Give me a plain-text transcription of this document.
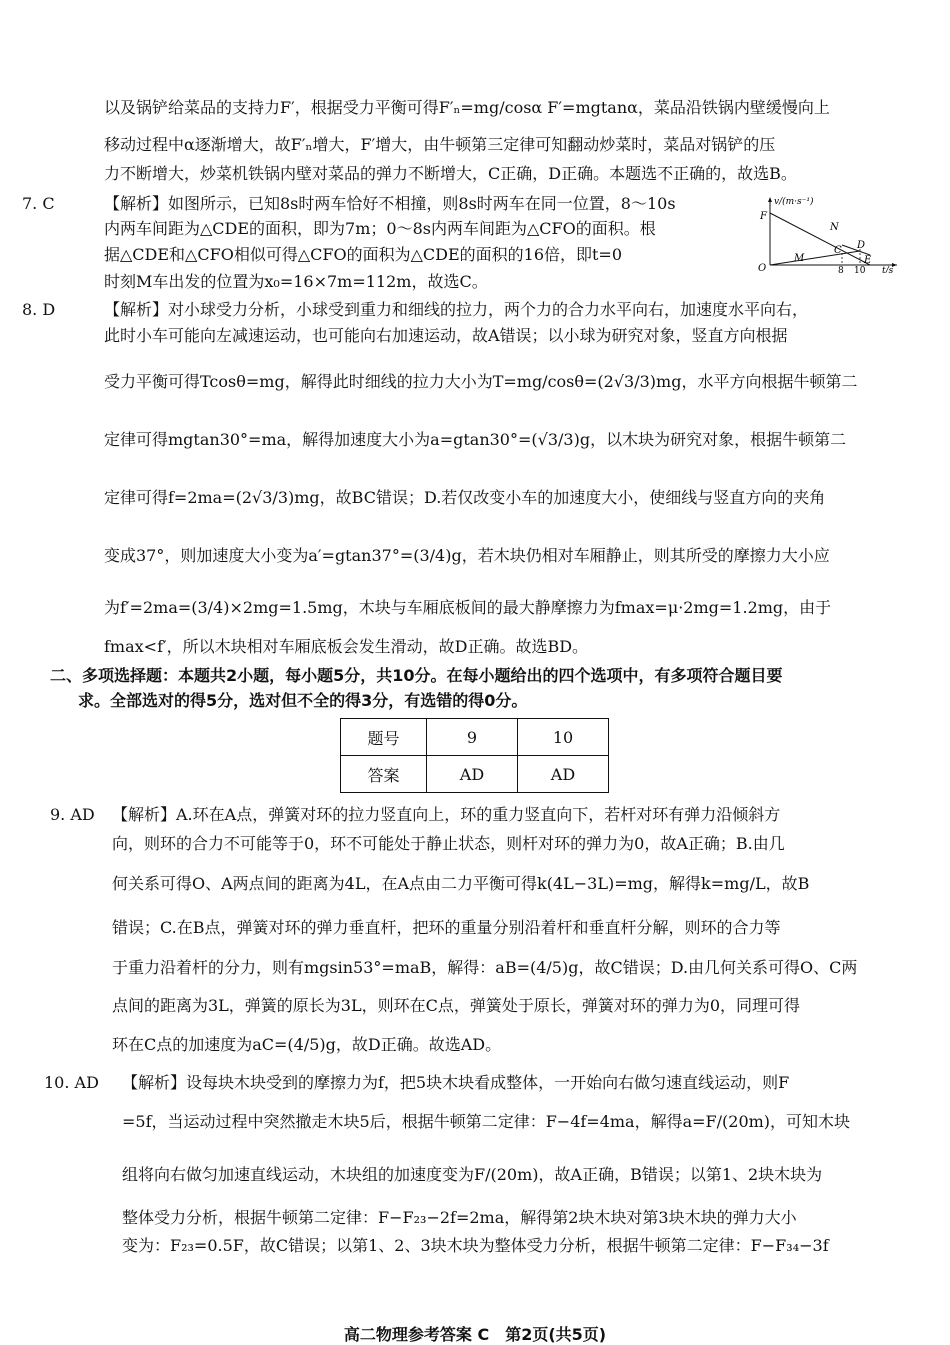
7. C
8. D
9. AD
10. AD
以及锅铲给菜品的支持力F′，根据受力平衡可得F′ₙ=mg/cosα F′=mgtanα，菜品沿铁锅内壁缓慢向上
移动过程中α逐渐增大，故F′ₙ增大，F′增大，由牛顿第三定律可知翻动炒菜时，菜品对锅铲的压
力不断增大，炒菜机铁锅内壁对菜品的弹力不断增大，C正确，D正确。本题选不正确的，故选B。
【解析】如图所示，已知8s时两车恰好不相撞，则8s时两车在同一位置，8～10s
内两车间距为△CDE的面积，即为7m；0～8s内两车间距为△CFO的面积。根
据△CDE和△CFO相似可得△CFO的面积为△CDE的面积的16倍，即t=0
时刻M车出发的位置为x₀=16×7m=112m，故选C。
【解析】对小球受力分析，小球受到重力和细线的拉力，两个力的合力水平向右，加速度水平向右，
此时小车可能向左减速运动，也可能向右加速运动，故A错误；以小球为研究对象，竖直方向根据
受力平衡可得Tcosθ=mg，解得此时细线的拉力大小为T=mg/cosθ=(2√3/3)mg，水平方向根据牛顿第二
定律可得mgtan30°=ma，解得加速度大小为a=gtan30°=(√3/3)g，以木块为研究对象，根据牛顿第二
定律可得f=2ma=(2√3/3)mg，故BC错误；D.若仅改变小车的加速度大小，使细线与竖直方向的夹角
变成37°，则加速度大小变为a′=gtan37°=(3/4)g，若木块仍相对车厢静止，则其所受的摩擦力大小应
为f′=2ma=(3/4)×2mg=1.5mg，木块与车厢底板间的最大静摩擦力为fmax=μ·2mg=1.2mg，由于
fmax<f′，所以木块相对车厢底板会发生滑动，故D正确。故选BD。
二、多项选择题：本题共2小题，每小题5分，共10分。在每小题给出的四个选项中，有多项符合题目要
求。全部选对的得5分，选对但不全的得3分，有选错的得0分。
题号	9	10
答案	AD	AD
【解析】A.环在A点，弹簧对环的拉力竖直向上，环的重力竖直向下，若杆对环有弹力沿倾斜方
向，则环的合力不可能等于0，环不可能处于静止状态，则杆对环的弹力为0，故A正确；B.由几
何关系可得O、A两点间的距离为4L，在A点由二力平衡可得k(4L−3L)=mg，解得k=mg/L，故B
错误；C.在B点，弹簧对环的弹力垂直杆，把环的重量分别沿着杆和垂直杆分解，则环的合力等
于重力沿着杆的分力，则有mgsin53°=maB，解得：aB=(4/5)g，故C错误；D.由几何关系可得O、C两
点间的距离为3L，弹簧的原长为3L，则环在C点，弹簧处于原长，弹簧对环的弹力为0，同理可得
环在C点的加速度为aC=(4/5)g，故D正确。故选AD。
【解析】设每块木块受到的摩擦力为f，把5块木块看成整体，一开始向右做匀速直线运动，则F
=5f，当运动过程中突然撤走木块5后，根据牛顿第二定律：F−4f=4ma，解得a=F/(20m)，可知木块
组将向右做匀加速直线运动，木块组的加速度变为F/(20m)，故A正确，B错误；以第1、2块木块为
整体受力分析，根据牛顿第二定律：F−F₂₃−2f=2ma，解得第2块木块对第3块木块的弹力大小
变为：F₂₃=0.5F，故C错误；以第1、2、3块木块为整体受力分析，根据牛顿第二定律：F−F₃₄−3f
v/(m·s⁻¹)
F
N
C D
M	E
O	8 10 t/s
高二物理参考答案 C　第2页(共5页)
